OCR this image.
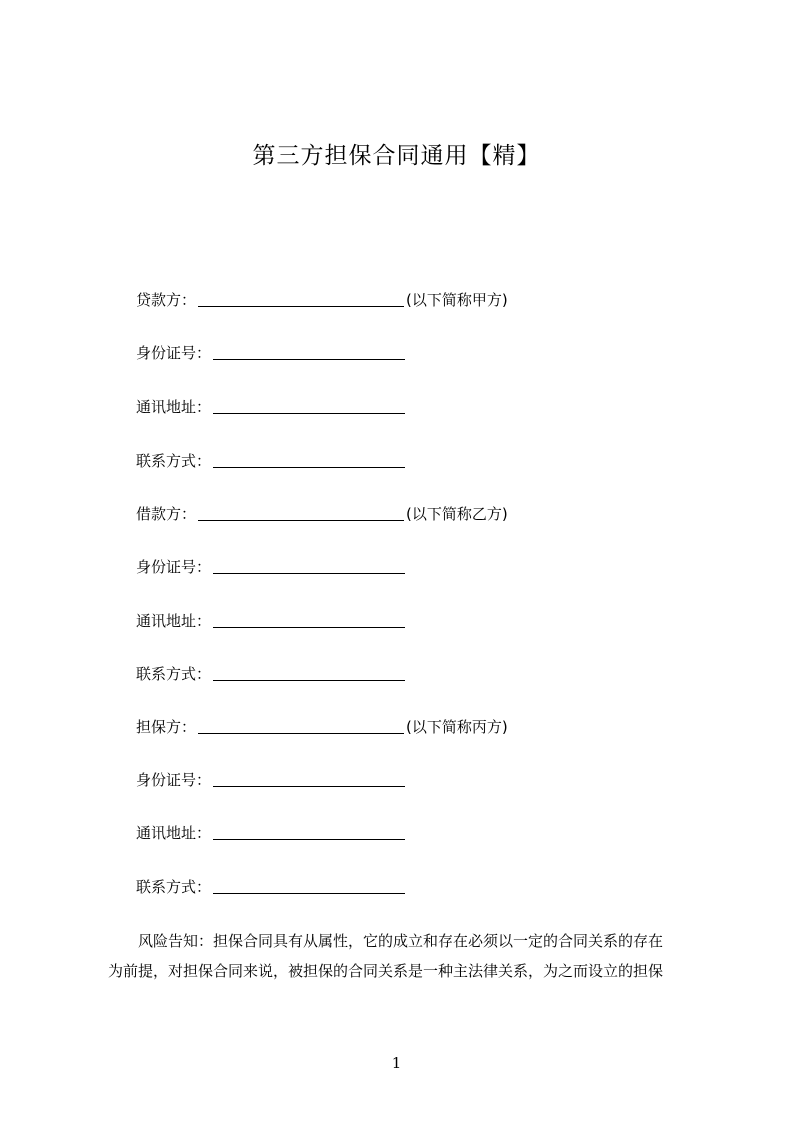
第三方担保合同通用【精】
贷款方：	(以下简称甲方)
身份证号：
通讯地址：
联系方式：
借款方：	(以下简称乙方)
身份证号：
通讯地址：
联系方式：
担保方：	(以下简称丙方)
身份证号：
通讯地址：
联系方式：
风险告知：担保合同具有从属性，它的成立和存在必须以一定的合同关系的存在
为前提，对担保合同来说，被担保的合同关系是一种主法律关系，为之而设立的担保
1
